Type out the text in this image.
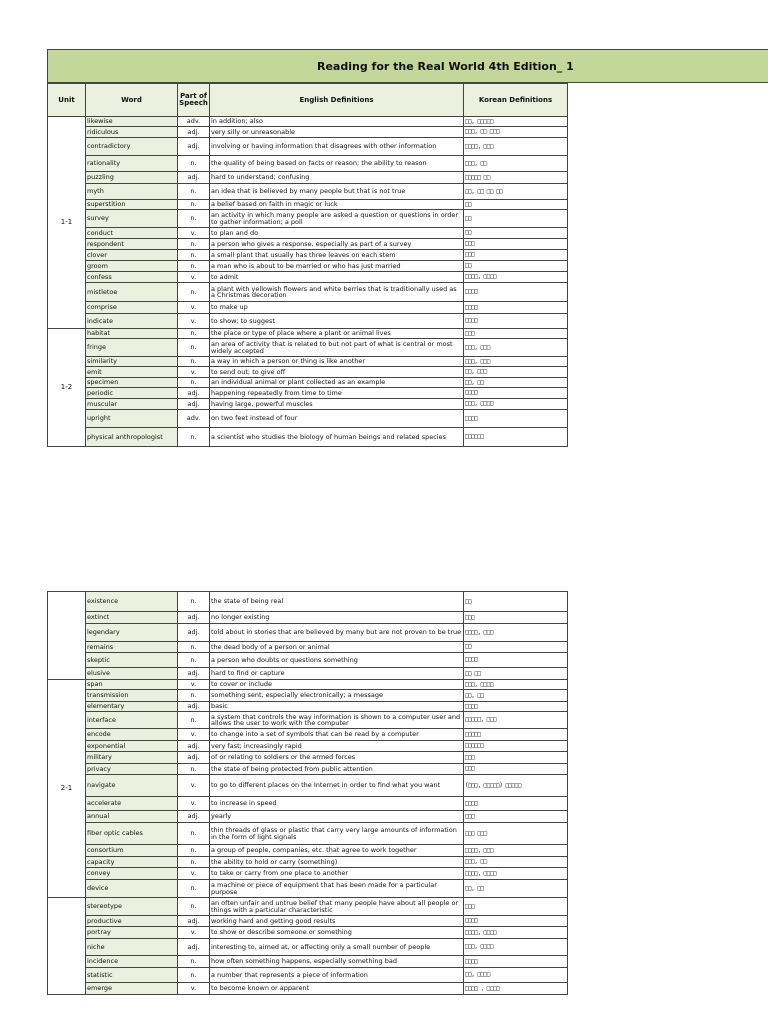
Reading for the Real World 4th Edition_ 1
Unit	Word	Part of Speech	English Definitions	Korean Definitions
1-1	likewise	adv.	in addition; also	□□, □□□□□
	ridiculous	adj.	very silly or unreasonable	□□□, □□ □□□
	contradictory	adj.	involving or having information that disagrees with other information	□□□□, □□□
	rationality	n.	the quality of being based on facts or reason; the ability to reason	□□□, □□
	puzzling	adj.	hard to understand; confusing	□□□□□ □□
	myth	n.	an idea that is believed by many people but that is not true	□□, □□ □□ □□
	superstition	n.	a belief based on faith in magic or luck	□□
	survey	n.	an activity in which many people are asked a question or questions in order to gather information; a poll	□□
	conduct	v.	to plan and do	□□
	respondent	n.	a person who gives a response, especially as part of a survey	□□□
	clover	n.	a small plant that usually has three leaves on each stem	□□□
	groom	n.	a man who is about to be married or who has just married	□□
	confess	v.	to admit	□□□□, □□□□
	mistletoe	n.	a plant with yellowish flowers and white berries that is traditionally used as a Christmas decoration	□□□□
	comprise	v.	to make up	□□□□
	indicate	v.	to show; to suggest	□□□□
1-2	habitat	n.	the place or type of place where a plant or animal lives	□□□
	fringe	n.	an area of activity that is related to but not part of what is central or most widely accepted	□□□, □□□
	similarity	n.	a way in which a person or thing is like another	□□□, □□□
	emit	v.	to send out; to give off	□□, □□□
	specimen	n.	an individual animal or plant collected as an example	□□, □□
	periodic	adj.	happening repeatedly from time to time	□□□□
	muscular	adj.	having large, powerful muscles	□□□, □□□□
	upright	adv.	on two feet instead of four	□□□□
	physical anthropologist	n.	a scientist who studies the biology of human beings and related species	□□□□□□
	existence	n.	the state of being real	□□
	extinct	adj.	no longer existing	□□□
	legendary	adj.	told about in stories that are believed by many but are not proven to be true	□□□□, □□□
	remains	n.	the dead body of a person or animal	□□
	skeptic	n.	a person who doubts or questions something	□□□□
	elusive	adj.	hard to find or capture	□□ □□
2-1	span	v.	to cover or include	□□□, □□□□
	transmission	n.	something sent, especially electronically; a message	□□, □□
	elementary	adj.	basic	□□□□
	interface	n.	a system that controls the way information is shown to a computer user and allows the user to work with the computer	□□□□□, □□□
	encode	v.	to change into a set of symbols that can be read by a computer	□□□□□
	exponential	adj.	very fast; increasingly rapid	□□□□□□
	military	adj.	of or relating to soldiers or the armed forces	□□□
	privacy	n.	the state of being protected from public attention	□□□
	navigate	v.	to go to different places on the Internet in order to find what you want	(□□□, □□□□□) □□□□□
	accelerate	v.	to increase in speed	□□□□
	annual	adj.	yearly	□□□
	fiber optic cables	n.	thin threads of glass or plastic that carry very large amounts of information in the form of light signals	□□□ □□□
	consortium	n.	a group of people, companies, etc. that agree to work together	□□□□, □□□
	capacity	n.	the ability to hold or carry (something)	□□□, □□
	convey	v.	to take or carry from one place to another	□□□□, □□□□
	device	n.	a machine or piece of equipment that has been made for a particular purpose	□□, □□
	stereotype	n.	an often unfair and untrue belief that many people have about all people or things with a particular characteristic	□□□
	productive	adj.	working hard and getting good results	□□□□
	portray	v.	to show or describe someone or something	□□□□, □□□□
	niche	adj.	interesting to, aimed at, or affecting only a small number of people	□□□, □□□□
	incidence	n.	how often something happens, especially something bad	□□□□
	statistic	n.	a number that represents a piece of information	□□, □□□□
	emerge	v.	to become known or apparent	□□□□ , □□□□
